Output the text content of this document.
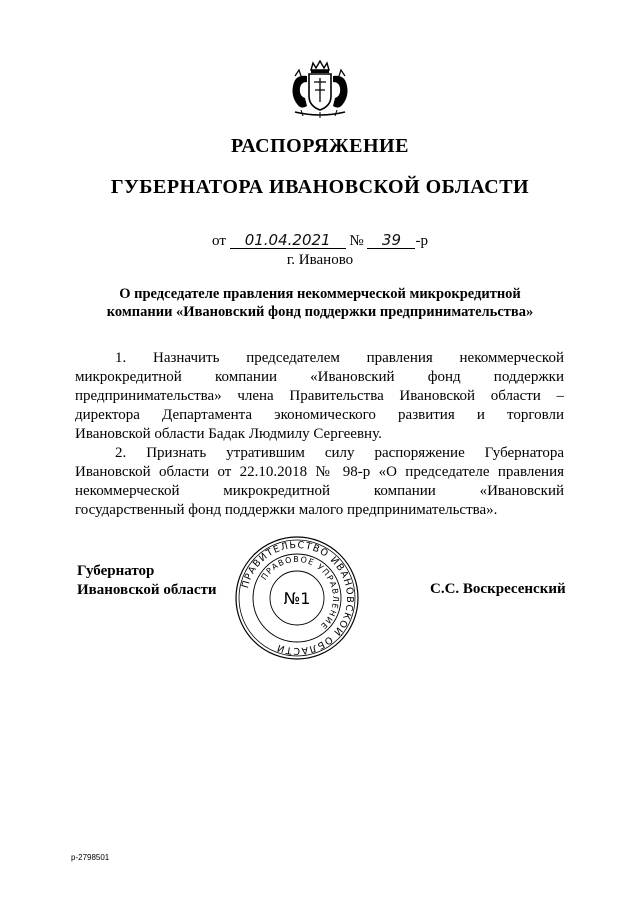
РАСПОРЯЖЕНИЕ
ГУБЕРНАТОРА ИВАНОВСКОЙ ОБЛАСТИ
от 01.04.2021 № 39 -р
г. Иваново
О председателе правления некоммерческой микрокредитной
компании «Ивановский фонд поддержки предпринимательства»

1. Назначить председателем правления некоммерческой
микрокредитной компании «Ивановский фонд поддержки
предпринимательства» члена Правительства Ивановской области –
директора Департамента экономического развития и торговли
Ивановской области Бадак Людмилу Сергеевну.

2. Признать утратившим силу распоряжение Губернатора
Ивановской области от 22.10.2018 № 98-р «О председателе правления
некоммерческой микрокредитной компании «Ивановский
государственный фонд поддержки малого предпринимательства».

Губернатор
Ивановской области ПРАВИТЕЛЬСТВО ИВАНОВСКОЙ ОБЛАСТИ
ПРАВОВОЕ УПРАВЛЕНИЕ
№1	С.С. Воскресенский
р-2798501
